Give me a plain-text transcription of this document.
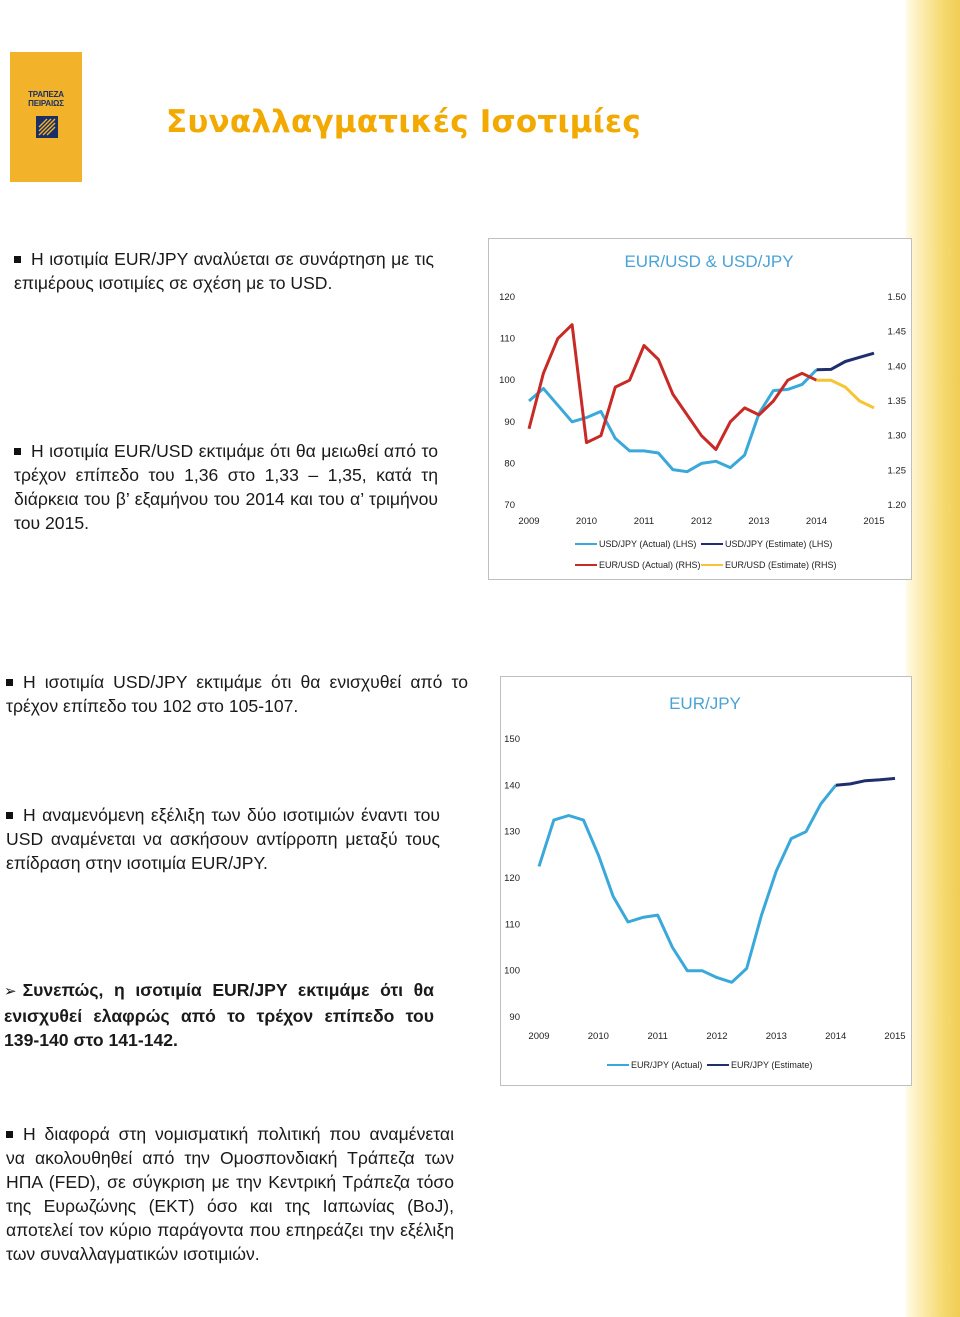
ΤΡΑΠΕΖΑ ΠΕΙΡΑΙΩΣ
Συναλλαγματικές Ισοτιμίες

Η ισοτιμία EUR/JPY αναλύεται σε συνάρτηση με τις επιμέρους ισοτιμίες σε σχέση με το USD.

Η ισοτιμία EUR/USD εκτιμάμε ότι θα μειωθεί από το τρέχον επίπεδο του 1,36 στο 1,33 – 1,35, κατά τη διάρκεια του β’ εξαμήνου του 2014 και του α’ τριμήνου του 2015.

Η ισοτιμία USD/JPY εκτιμάμε ότι θα ενισχυθεί από το τρέχον επίπεδο του 102 στο 105-107.

Η αναμενόμενη εξέλιξη των δύο ισοτιμιών έναντι του USD αναμένεται να ασκήσουν αντίρροπη μεταξύ τους επίδραση στην ισοτιμία EUR/JPY.

➢ Συνεπώς, η ισοτιμία EUR/JPY εκτιμάμε ότι θα ενισχυθεί ελαφρώς από το τρέχον επίπεδο του 139-140 στο 141-142.

Η διαφορά στη νομισματική πολιτική που αναμένεται να ακολουθηθεί από την Ομοσπονδιακή Τράπεζα των ΗΠΑ (FED), σε σύγκριση με την Κεντρική Τράπεζα τόσο της Ευρωζώνης (ΕΚΤ) όσο και της Ιαπωνίας (BoJ), αποτελεί τον κύριο παράγοντα που επηρεάζει την εξέλιξη των συναλλαγματικών ισοτιμιών.

EUR/USD & USD/JPY
120
110
100
90
80
70
1.50
1.45
1.40
1.35
1.30
1.25
1.20
2009	2010	2011	2012	2013	2014	2015
USD/JPY (Actual) (LHS)	USD/JPY (Estimate) (LHS)
EUR/USD (Actual) (RHS)	EUR/USD (Estimate) (RHS)
EUR/JPY
150
140
130
120
110
100
90
2009	2010	2011	2012	2013	2014	2015
EUR/JPY (Actual)	EUR/JPY (Estimate)
